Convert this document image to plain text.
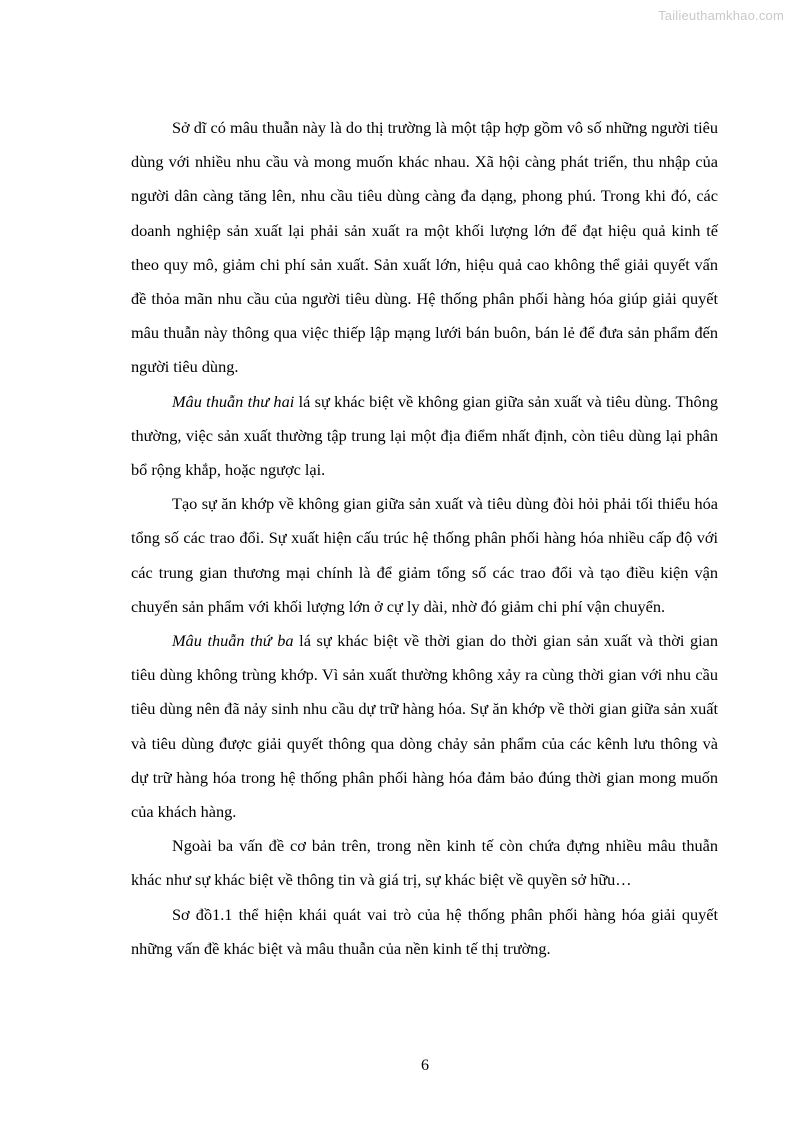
Tailieuthamkhao.com

Sở dĩ có mâu thuẫn này là do thị trường là một tập hợp gồm vô số những người tiêu dùng với nhiều nhu cầu và mong muốn khác nhau. Xã hội càng phát triển, thu nhập của người dân càng tăng lên, nhu cầu tiêu dùng càng đa dạng, phong phú. Trong khi đó, các doanh nghiệp sản xuất lại phải sản xuất ra một khối lượng lớn để đạt hiệu quả kinh tế theo quy mô, giảm chi phí sản xuất. Sản xuất lớn, hiệu quả cao không thể giải quyết vấn đề thỏa mãn nhu cầu của người tiêu dùng. Hệ thống phân phối hàng hóa giúp giải quyết mâu thuẫn này thông qua việc thiếp lập mạng lưới bán buôn, bán lẻ để đưa sản phẩm đến người tiêu dùng.

Mâu thuẫn thư hai lá sự khác biệt về không gian giữa sản xuất và tiêu dùng. Thông thường, việc sản xuất thường tập trung lại một địa điểm nhất định, còn tiêu dùng lại phân bổ rộng khắp, hoặc ngược lại.

Tạo sự ăn khớp về không gian giữa sản xuất và tiêu dùng đòi hỏi phải tối thiểu hóa tổng số các trao đổi. Sự xuất hiện cấu trúc hệ thống phân phối hàng hóa nhiều cấp độ với các trung gian thương mại chính là để giảm tổng số các trao đổi và tạo điều kiện vận chuyển sản phẩm với khối lượng lớn ở cự ly dài, nhờ đó giảm chi phí vận chuyển.

Mâu thuẫn thứ ba lá sự khác biệt về thời gian do thời gian sản xuất và thời gian tiêu dùng không trùng khớp. Vì sản xuất thường không xảy ra cùng thời gian với nhu cầu tiêu dùng nên đã nảy sinh nhu cầu dự trữ hàng hóa. Sự ăn khớp về thời gian giữa sản xuất và tiêu dùng được giải quyết thông qua dòng chảy sản phẩm của các kênh lưu thông và dự trữ hàng hóa trong hệ thống phân phối hàng hóa đảm bảo đúng thời gian mong muốn của khách hàng.

Ngoài ba vấn đề cơ bản trên, trong nền kinh tế còn chứa đựng nhiều mâu thuẫn khác như sự khác biệt về thông tin và giá trị, sự khác biệt về quyền sở hữu…

Sơ đồ1.1 thể hiện khái quát vai trò của hệ thống phân phối hàng hóa giải quyết những vấn đề khác biệt và mâu thuẫn của nền kinh tế thị trường.

6
